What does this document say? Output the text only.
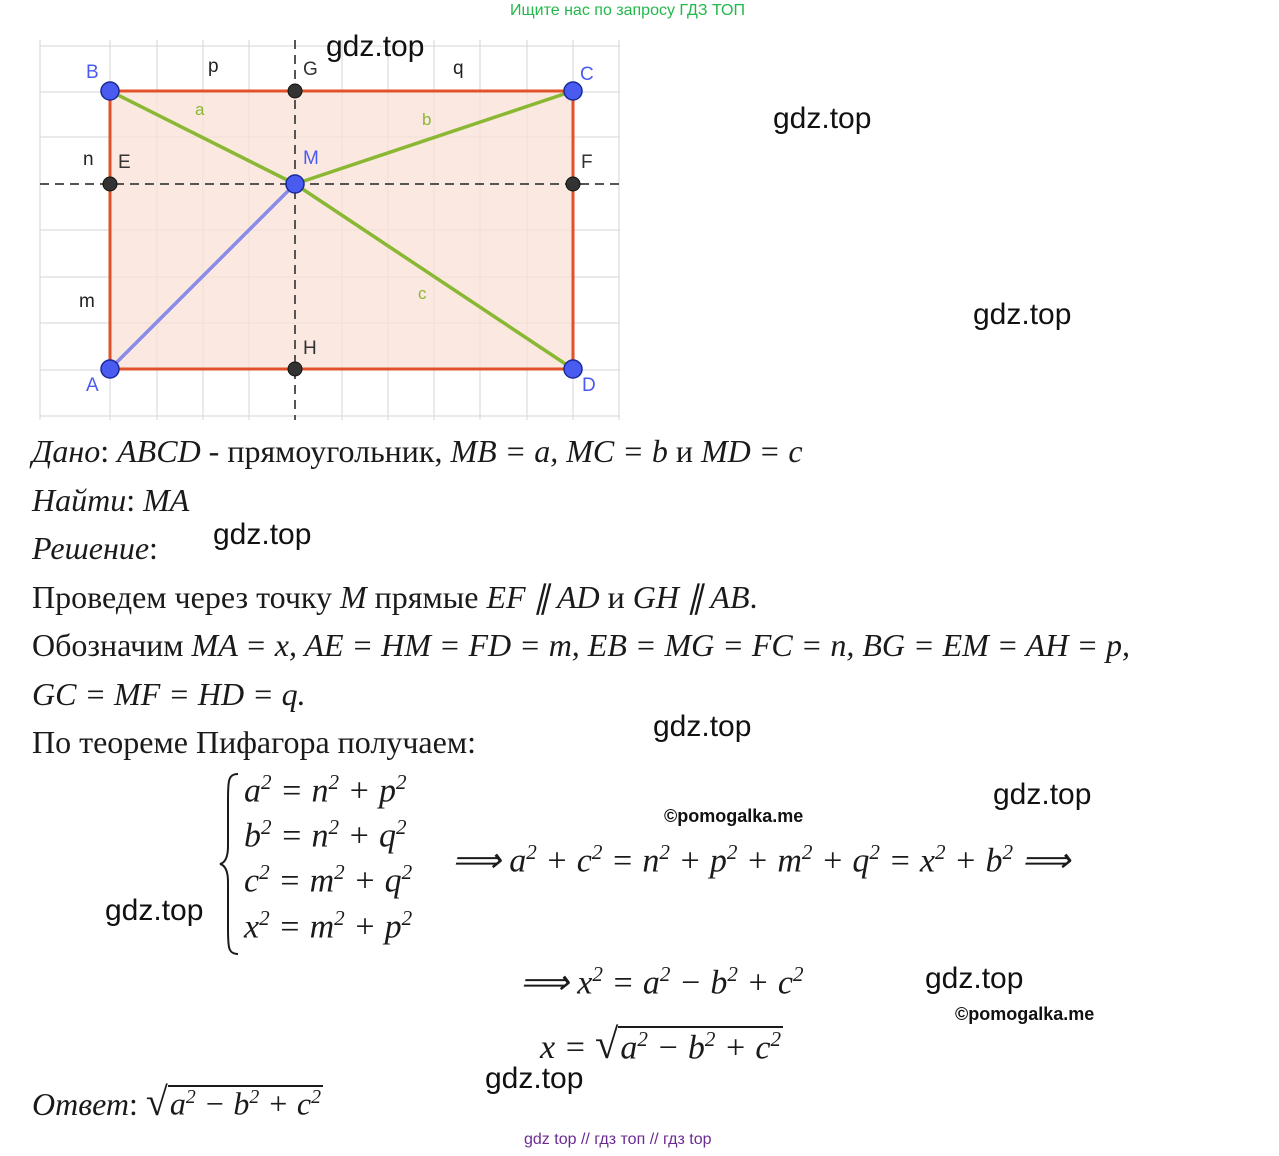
Ищите нас по запросу ГДЗ ТОП
B	C
A	D
G
H
E	F
M
p	q
n
m
a
b
c
gdz.top
gdz.top
gdz.top
gdz.top
gdz.top
gdz.top
gdz.top
gdz.top
gdz.top
©pomogalka.me
©pomogalka.me
Дано: ABCD - прямоугольник, MB = a, MC = b и MD = c
Найти: MA
Решение:
Проведем через точку M прямые EF ∥ AD и GH ∥ AB.
Обозначим MA = x, AE = HM = FD = m, EB = MG = FC = n, BG = EM = AH = p,
GC = MF = HD = q.
По теореме Пифагора получаем:
$a^2 = n^2 + p^2$
$b^2 = n^2 + q^2$
$c^2 = m^2 + q^2$
$x^2 = m^2 + p^2$
⟹ $a^2 + c^2 = n^2 + p^2 + m^2 + q^2 = x^2 + b^2$ ⟹
⟹ $x^2 = a^2 - b^2 + c^2$
$x = √a^2 - b^2 + c^2$
Ответ: $√a^2 - b^2 + c^2$
gdz top // гдз топ // гдз top
